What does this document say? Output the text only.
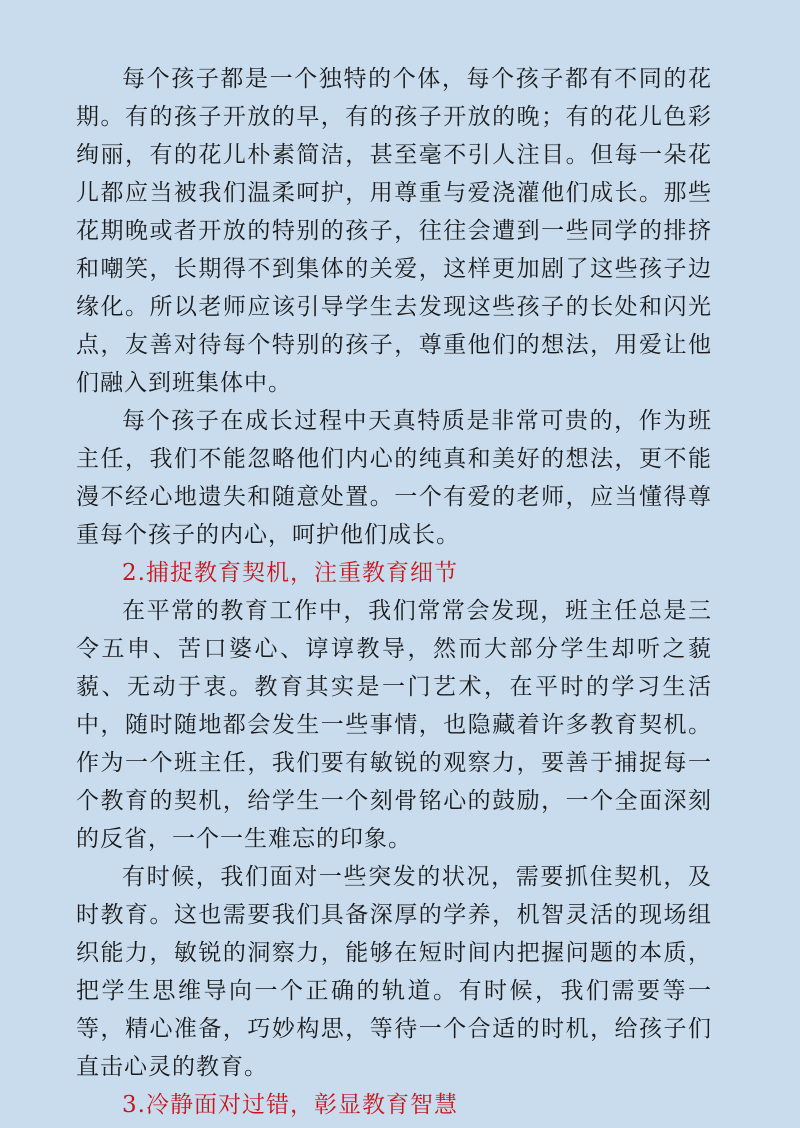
每个孩子都是一个独特的个体，每个孩子都有不同的花期。有的孩子开放的早，有的孩子开放的晚；有的花儿色彩绚丽，有的花儿朴素简洁，甚至毫不引人注目。但每一朵花儿都应当被我们温柔呵护，用尊重与爱浇灌他们成长。那些花期晚或者开放的特别的孩子，往往会遭到一些同学的排挤和嘲笑，长期得不到集体的关爱，这样更加剧了这些孩子边缘化。所以老师应该引导学生去发现这些孩子的长处和闪光点，友善对待每个特别的孩子，尊重他们的想法，用爱让他们融入到班集体中。

每个孩子在成长过程中天真特质是非常可贵的，作为班主任，我们不能忽略他们内心的纯真和美好的想法，更不能漫不经心地遗失和随意处置。一个有爱的老师，应当懂得尊重每个孩子的内心，呵护他们成长。

2.捕捉教育契机，注重教育细节

在平常的教育工作中，我们常常会发现，班主任总是三令五申、苦口婆心、谆谆教导，然而大部分学生却听之藐藐、无动于衷。教育其实是一门艺术，在平时的学习生活中，随时随地都会发生一些事情，也隐藏着许多教育契机。作为一个班主任，我们要有敏锐的观察力，要善于捕捉每一个教育的契机，给学生一个刻骨铭心的鼓励，一个全面深刻的反省，一个一生难忘的印象。

有时候，我们面对一些突发的状况，需要抓住契机，及时教育。这也需要我们具备深厚的学养，机智灵活的现场组织能力，敏锐的洞察力，能够在短时间内把握问题的本质，把学生思维导向一个正确的轨道。有时候，我们需要等一等，精心准备，巧妙构思，等待一个合适的时机，给孩子们直击心灵的教育。

3.冷静面对过错，彰显教育智慧
